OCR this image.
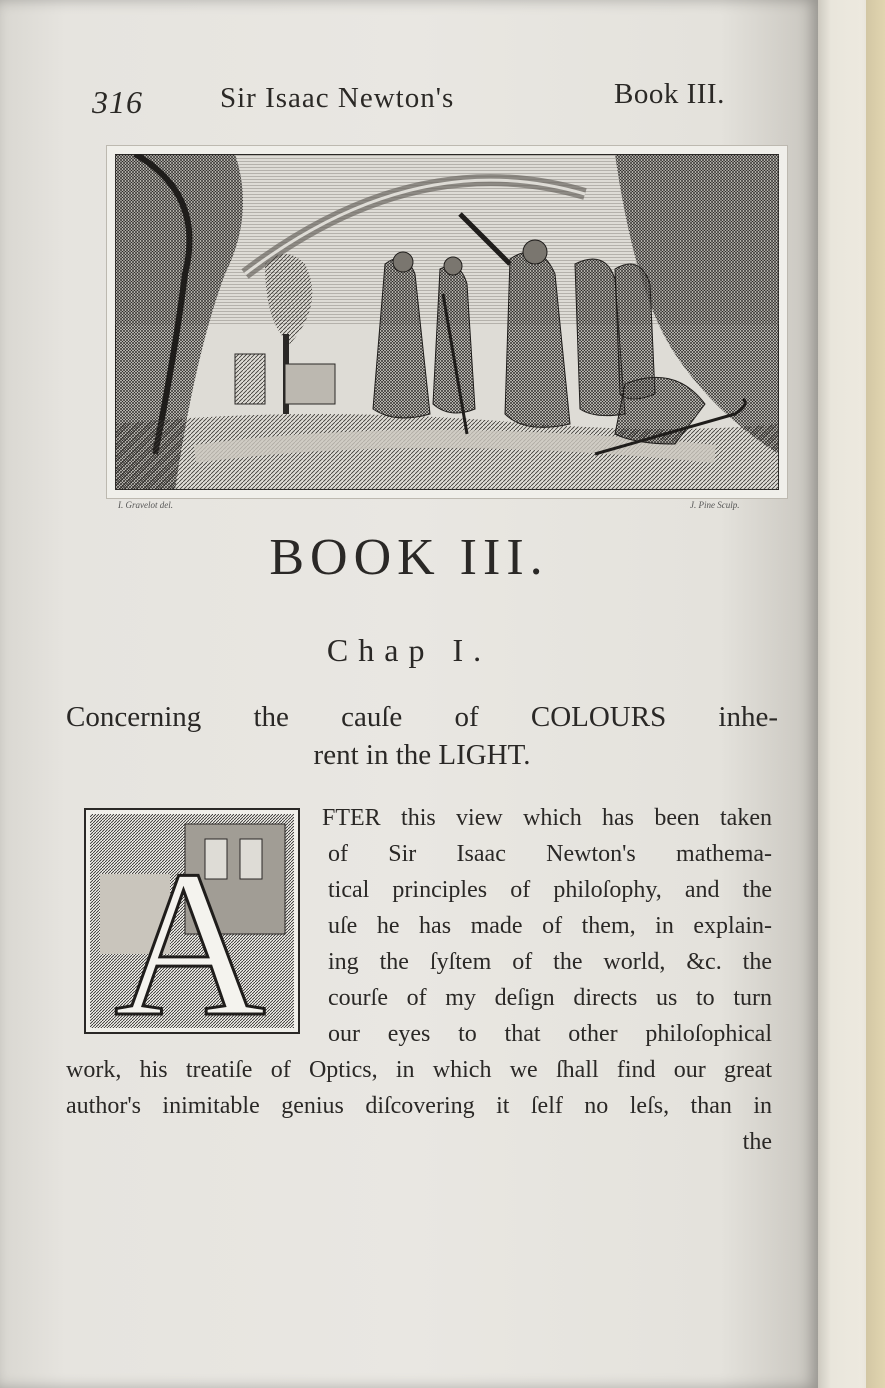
316	Sir Isaac Newton's	Book III.
I. Gravelot del.	J. Pine Sculp.
BOOK III.
Chap I.
Concerning the cauſe of COLOURS inhe-
rent in the LIGHT.
A
FTER this view which has been taken
of Sir Isaac Newton's mathema-
tical principles of philoſophy, and the
uſe he has made of them, in explain-
ing the ſyſtem of the world, &c. the
courſe of my deſign directs us to turn
our eyes to that other philoſophical
work, his treatiſe of Optics, in which we ſhall find our great
author's inimitable genius diſcovering it ſelf no leſs, than in
the
